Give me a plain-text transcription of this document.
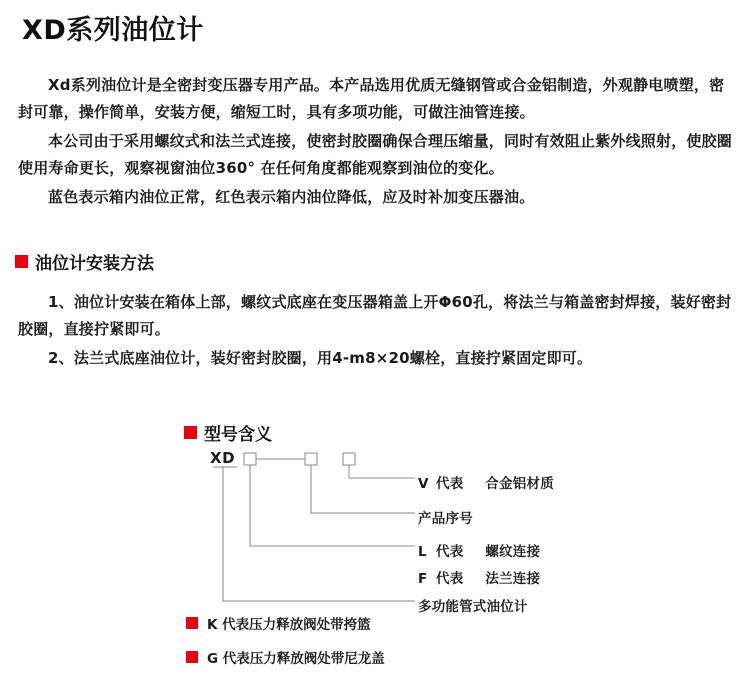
XD系列油位计

Xd系列油位计是全密封变压器专用产品。本产品选用优质无缝钢管或合金铝制造，外观静电喷塑，密封可靠，操作简单，安装方便，缩短工时，具有多项功能，可做注油管连接。

本公司由于采用螺纹式和法兰式连接，使密封胶圈确保合理压缩量，同时有效阻止紫外线照射，使胶圈使用寿命更长，观察视窗油位360° 在任何角度都能观察到油位的变化。

蓝色表示箱内油位正常，红色表示箱内油位降低，应及时补加变压器油。

油位计安装方法

1、油位计安装在箱体上部，螺纹式底座在变压器箱盖上开Φ60孔，将法兰与箱盖密封焊接，装好密封胶圈，直接拧紧即可。

2、法兰式底座油位计，装好密封胶圈，用4-m8×20螺栓，直接拧紧固定即可。

型号含义
XD
V 代表 合金铝材质
产品序号
L 代表 螺纹连接
F 代表 法兰连接
多功能管式油位计
K 代表压力释放阀处带挎篮
G 代表压力释放阀处带尼龙盖
